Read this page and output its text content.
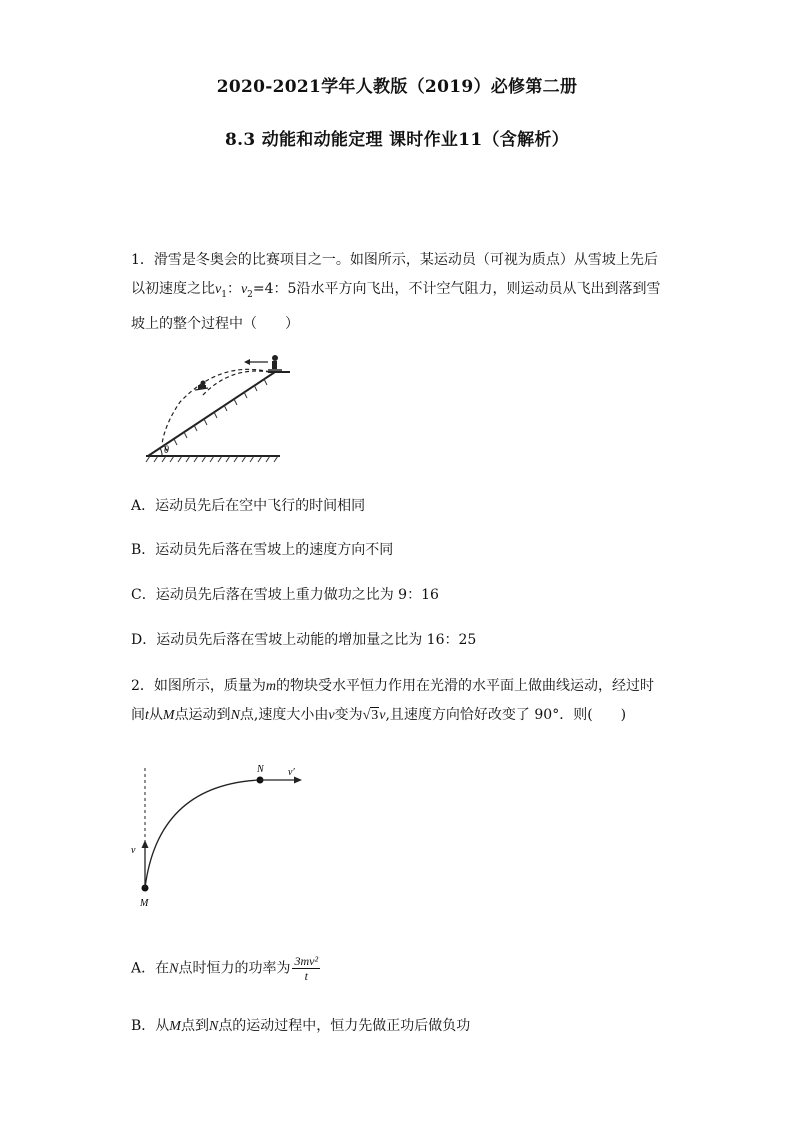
2020-2021学年人教版（2019）必修第二册
8.3 动能和动能定理 课时作业11（含解析）
1．滑雪是冬奥会的比赛项目之一。如图所示，某运动员（可视为质点）从雪坡上先后
以初速度之比$v_1$：$v_2=4$：5沿水平方向飞出，不计空气阻力，则运动员从飞出到落到雪
坡上的整个过程中（　　）
θ
A．运动员先后在空中飞行的时间相同
B．运动员先后落在雪坡上的速度方向不同
C．运动员先后落在雪坡上重力做功之比为 9：16
D．运动员先后落在雪坡上动能的增加量之比为 16：25
2．如图所示，质量为m的物块受水平恒力作用在光滑的水平面上做曲线运动，经过时
间t从M点运动到N点,速度大小由v变为√3v,且速度方向恰好改变了 90°．则(　　)
N v′
v
M
A．在N点时恒力的功率为 $\frac{\text{3mv²}}{t}$
B．从M点到N点的运动过程中，恒力先做正功后做负功
